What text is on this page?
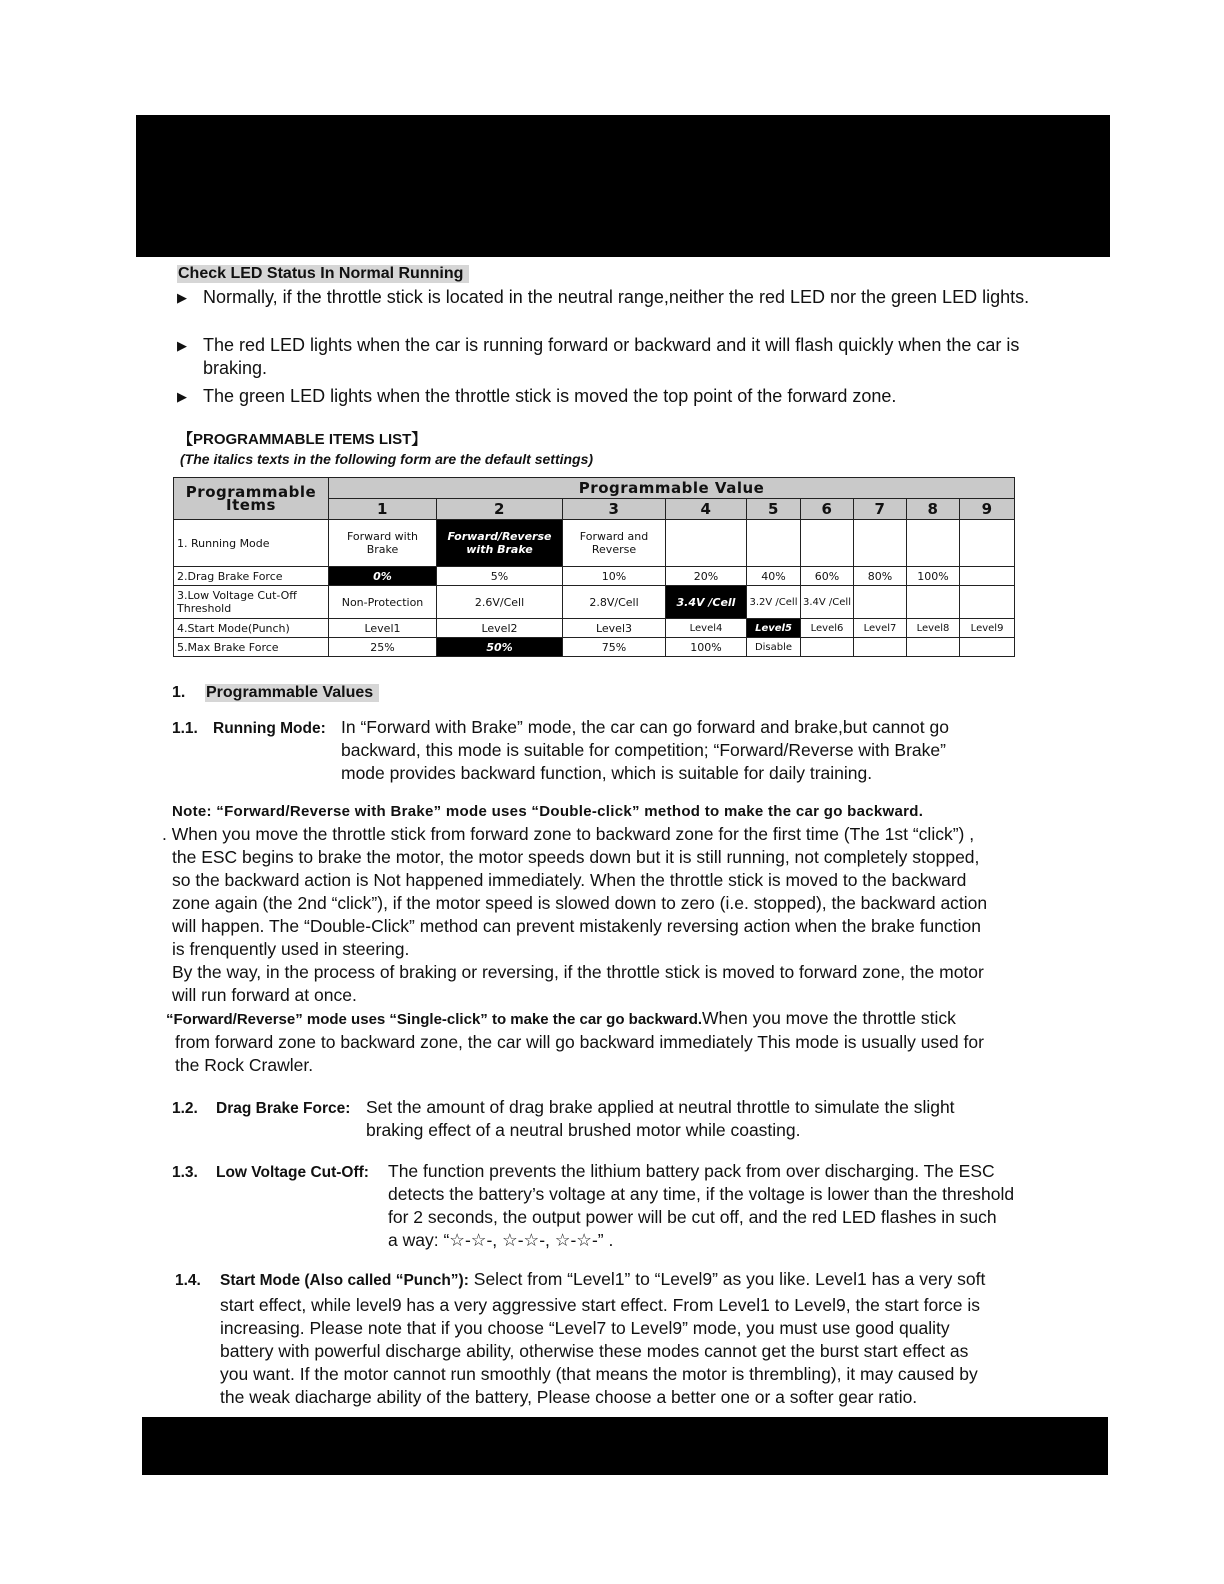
Check LED Status In Normal Running
▶ Normally, if the throttle stick is located in the neutral range,neither the red LED nor the green LED lights.
▶ The red LED lights when the car is running forward or backward and it will flash quickly when the car is braking.
▶ The green LED lights when the throttle stick is moved the top point of the forward zone.
【PROGRAMMABLE ITEMS LIST】
(The italics texts in the following form are the default settings)
Programmable Items	Programmable Value								
	1	2	3	4	5	6	7	8	9
1. Running Mode	Forward with Brake	Forward/Reverse with Brake	Forward and Reverse						
2.Drag Brake Force	0%	5%	10%	20%	40%	60%	80%	100%	
3.Low Voltage Cut-Off Threshold	Non-Protection	2.6V/Cell	2.8V/Cell	3.4V /Cell	3.2V /Cell	3.4V /Cell			
4.Start Mode(Punch)	Level1	Level2	Level3	Level4	Level5	Level6	Level7	Level8	Level9
5.Max Brake Force	25%	50%	75%	100%	Disable				
1. Programmable Values
1.1. Running Mode: In “Forward with Brake” mode, the car can go forward and brake,but cannot go
backward, this mode is suitable for competition; “Forward/Reverse with Brake”
mode provides backward function, which is suitable for daily training.
Note: “Forward/Reverse with Brake” mode uses “Double-click” method to make the car go backward.
. When you move the throttle stick from forward zone to backward zone for the first time (The 1st “click”) ,
the ESC begins to brake the motor, the motor speeds down but it is still running, not completely stopped,
so the backward action is Not happened immediately. When the throttle stick is moved to the backward
zone again (the 2nd “click”), if the motor speed is slowed down to zero (i.e. stopped), the backward action
will happen. The “Double-Click” method can prevent mistakenly reversing action when the brake function
is frenquently used in steering.
By the way, in the process of braking or reversing, if the throttle stick is moved to forward zone, the motor
will run forward at once.
“Forward/Reverse” mode uses “Single-click” to make the car go backward.When you move the throttle stick
from forward zone to backward zone, the car will go backward immediately This mode is usually used for
the Rock Crawler.
1.2. Drag Brake Force: Set the amount of drag brake applied at neutral throttle to simulate the slight
braking effect of a neutral brushed motor while coasting.
1.3. Low Voltage Cut-Off: The function prevents the lithium battery pack from over discharging. The ESC
detects the battery’s voltage at any time, if the voltage is lower than the threshold
for 2 seconds, the output power will be cut off, and the red LED flashes in such
a way: “☆-☆-, ☆-☆-, ☆-☆-” .
1.4. Start Mode (Also called “Punch”): Select from “Level1” to “Level9” as you like. Level1 has a very soft
start effect, while level9 has a very aggressive start effect. From Level1 to Level9, the start force is
increasing. Please note that if you choose “Level7 to Level9” mode, you must use good quality
battery with powerful discharge ability, otherwise these modes cannot get the burst start effect as
you want. If the motor cannot run smoothly (that means the motor is thrembling), it may caused by
the weak diacharge ability of the battery, Please choose a better one or a softer gear ratio.
